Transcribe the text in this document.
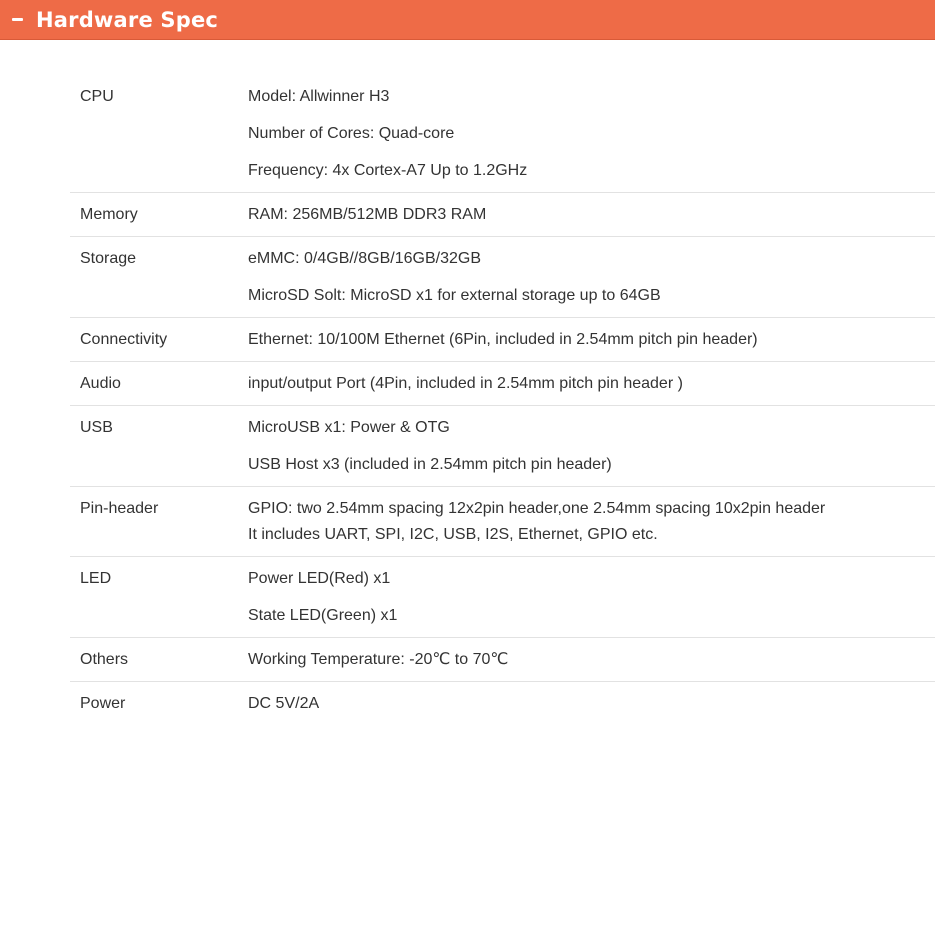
Hardware Spec
CPU	Model: Allwinner H3
Number of Cores: Quad-core
Frequency: 4x Cortex-A7 Up to 1.2GHz
Memory	RAM: 256MB/512MB DDR3 RAM
Storage	eMMC: 0/4GB//8GB/16GB/32GB
MicroSD Solt: MicroSD x1 for external storage up to 64GB
Connectivity	Ethernet: 10/100M Ethernet (6Pin, included in 2.54mm pitch pin header)
Audio	input/output Port (4Pin, included in 2.54mm pitch pin header )
USB	MicroUSB x1: Power & OTG
USB Host x3 (included in 2.54mm pitch pin header)
Pin-header	GPIO: two 2.54mm spacing 12x2pin header,one 2.54mm spacing 10x2pin header
It includes UART, SPI, I2C, USB, I2S, Ethernet, GPIO etc.
LED	Power LED(Red) x1
State LED(Green) x1
Others	Working Temperature: -20℃ to 70℃
Power	DC 5V/2A
